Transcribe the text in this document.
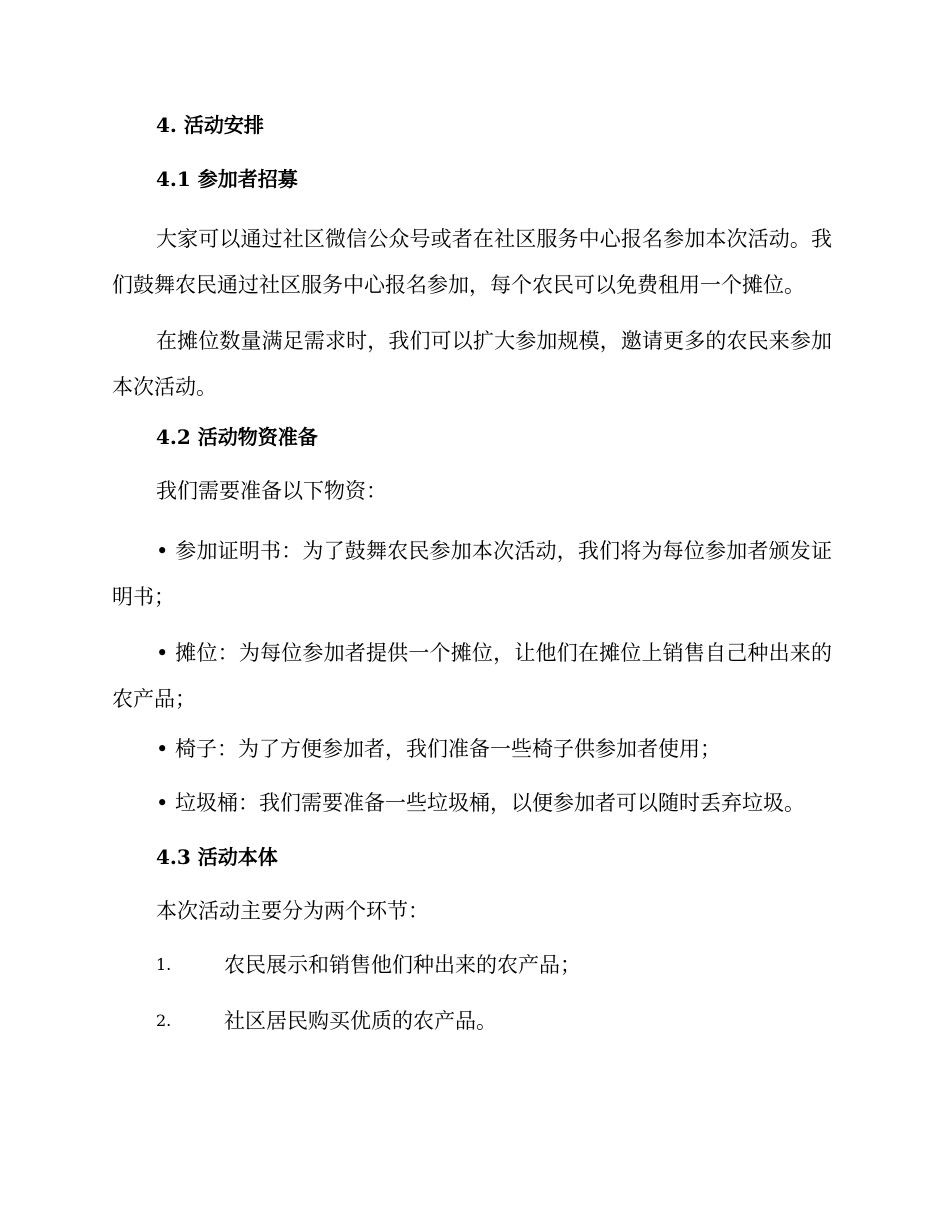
4. 活动安排
4.1 参加者招募

大家可以通过社区微信公众号或者在社区服务中心报名参加本次活动。我们鼓舞农民通过社区服务中心报名参加，每个农民可以免费租用一个摊位。

在摊位数量满足需求时，我们可以扩大参加规模，邀请更多的农民来参加本次活动。

4.2 活动物资准备

我们需要准备以下物资：

• 参加证明书：为了鼓舞农民参加本次活动，我们将为每位参加者颁发证明书；

• 摊位：为每位参加者提供一个摊位，让他们在摊位上销售自己种出来的农产品；

• 椅子：为了方便参加者，我们准备一些椅子供参加者使用；

• 垃圾桶：我们需要准备一些垃圾桶，以便参加者可以随时丢弃垃圾。

4.3 活动本体

本次活动主要分为两个环节：

1.	农民展示和销售他们种出来的农产品；
2.	社区居民购买优质的农产品。
